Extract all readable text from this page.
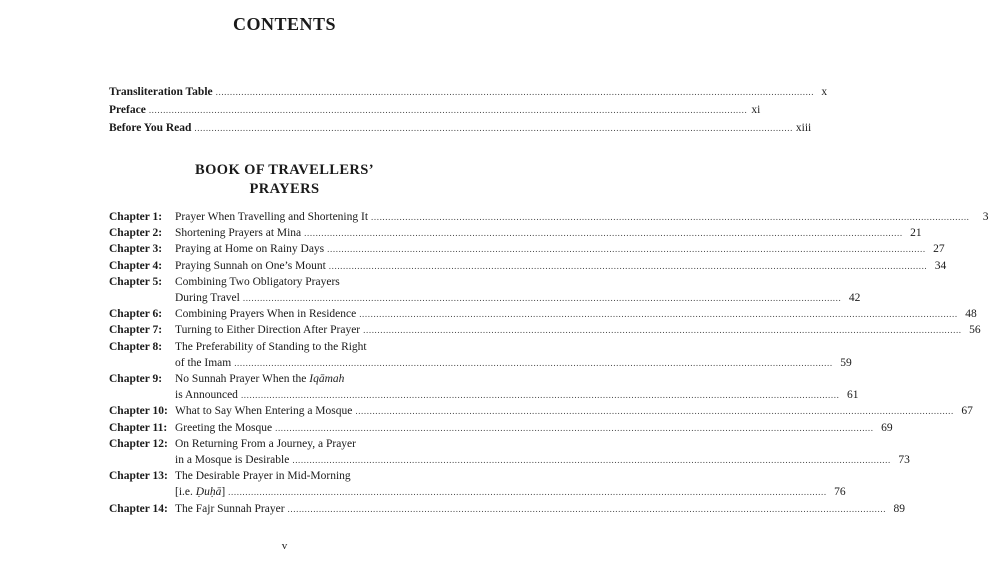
CONTENTS
Transliteration Table .....	x
Preface .....	xi
Before You Read .....	xiii
BOOK OF TRAVELLERS’
PRAYERS
Chapter 1:	Prayer When Travelling and Shortening It .....	3
Chapter 2:	Shortening Prayers at Mina .....	21
Chapter 3:	Praying at Home on Rainy Days .....	27
Chapter 4:	Praying Sunnah on One’s Mount .....	34
Chapter 5:	Combining Two Obligatory Prayers
During Travel .....	42
Chapter 6:	Combining Prayers When in Residence .....	48
Chapter 7:	Turning to Either Direction After Prayer .....	56
Chapter 8:	The Preferability of Standing to the Right
of the Imam .....	59
Chapter 9:	No Sunnah Prayer When the Iqāmah
is Announced .....	61
Chapter 10: What to Say When Entering a Mosque .....	67
Chapter 11: Greeting the Mosque .....	69
Chapter 12: On Returning From a Journey, a Prayer
in a Mosque is Desirable .....	73
Chapter 13: The Desirable Prayer in Mid-Morning
[i.e. Ḍuḥā] .....	76
Chapter 14: The Fajr Sunnah Prayer .....	89
v
